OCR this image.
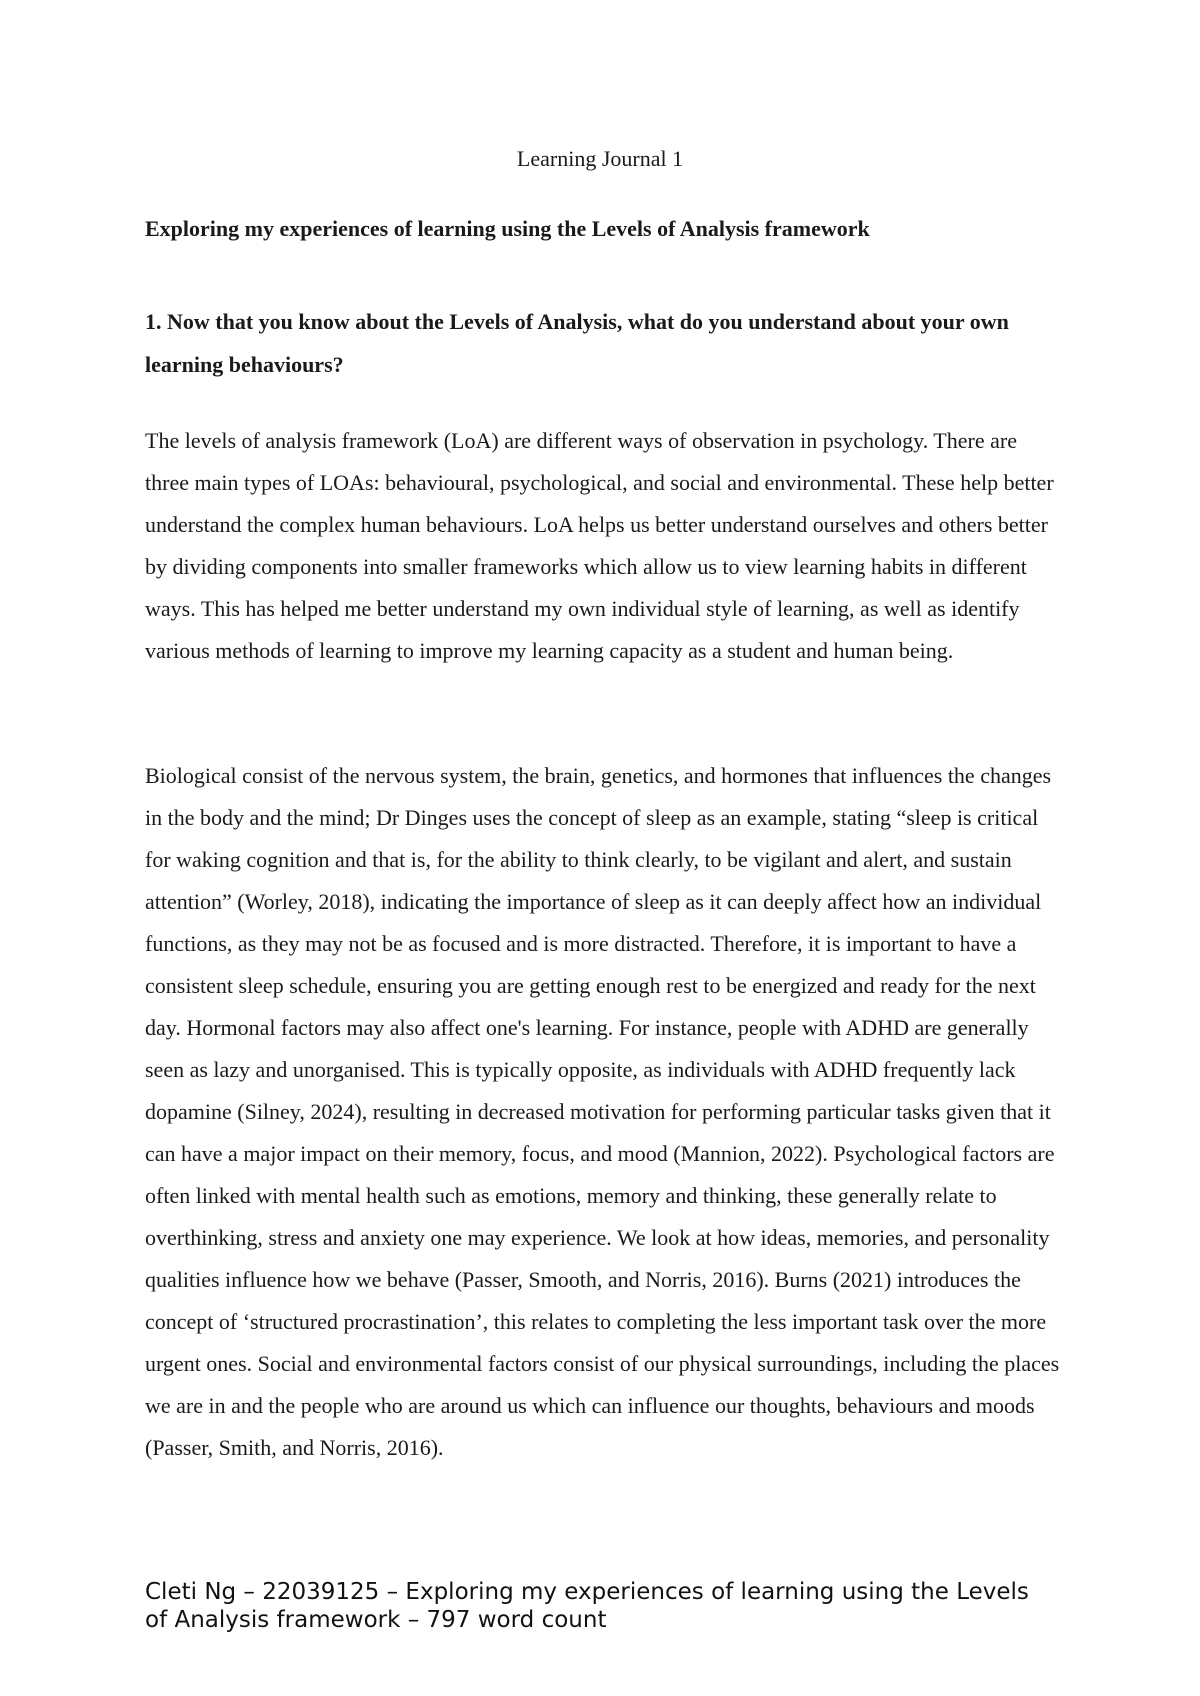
Learning Journal 1
Exploring my experiences of learning using the Levels of Analysis framework
1. Now that you know about the Levels of Analysis, what do you understand about your own learning behaviours?

The levels of analysis framework (LoA) are different ways of observation in psychology. There are three main types of LOAs: behavioural, psychological, and social and environmental. These help better understand the complex human behaviours. LoA helps us better understand ourselves and others better by dividing components into smaller frameworks which allow us to view learning habits in different ways. This has helped me better understand my own individual style of learning, as well as identify various methods of learning to improve my learning capacity as a student and human being.

Biological consist of the nervous system, the brain, genetics, and hormones that influences the changes in the body and the mind; Dr Dinges uses the concept of sleep as an example, stating “sleep is critical for waking cognition and that is, for the ability to think clearly, to be vigilant and alert, and sustain attention” (Worley, 2018), indicating the importance of sleep as it can deeply affect how an individual functions, as they may not be as focused and is more distracted. Therefore, it is important to have a consistent sleep schedule, ensuring you are getting enough rest to be energized and ready for the next day. Hormonal factors may also affect one's learning. For instance, people with ADHD are generally seen as lazy and unorganised. This is typically opposite, as individuals with ADHD frequently lack dopamine (Silney, 2024), resulting in decreased motivation for performing particular tasks given that it can have a major impact on their memory, focus, and mood (Mannion, 2022). Psychological factors are often linked with mental health such as emotions, memory and thinking, these generally relate to overthinking, stress and anxiety one may experience. We look at how ideas, memories, and personality qualities influence how we behave (Passer, Smooth, and Norris, 2016). Burns (2021) introduces the concept of ‘structured procrastination’, this relates to completing the less important task over the more urgent ones. Social and environmental factors consist of our physical surroundings, including the places we are in and the people who are around us which can influence our thoughts, behaviours and moods (Passer, Smith, and Norris, 2016).

Cleti Ng – 22039125 – Exploring my experiences of learning using the Levels of Analysis framework – 797 word count
